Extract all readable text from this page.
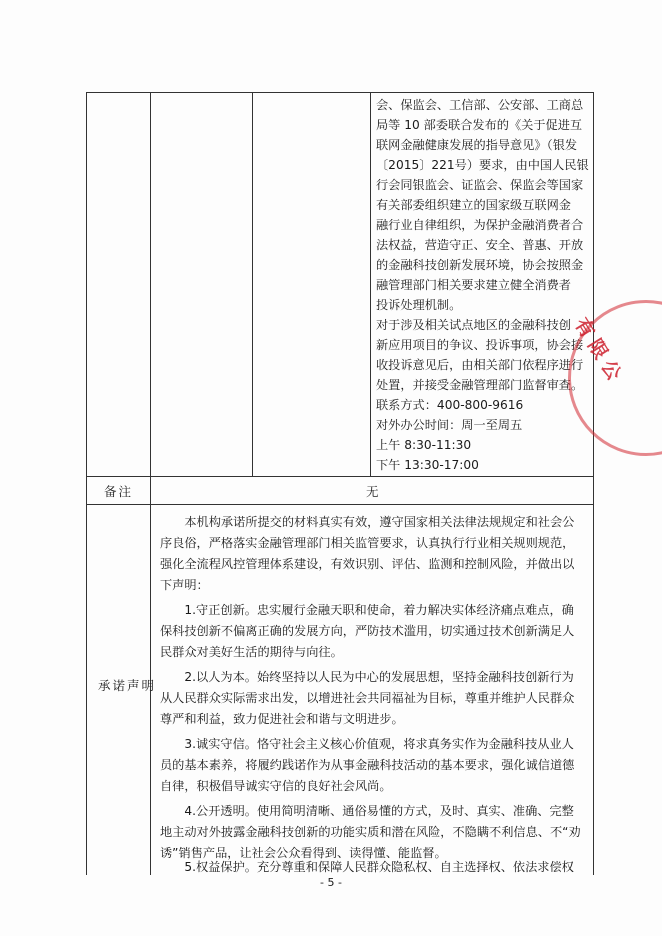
会、保监会、工信部、公安部、工商总
局等 10 部委联合发布的《关于促进互
联网金融健康发展的指导意见》（银发
〔2015〕221号）要求，由中国人民银
行会同银监会、证监会、保监会等国家
有关部委组织建立的国家级互联网金
融行业自律组织，为保护金融消费者合
法权益，营造守正、安全、普惠、开放
的金融科技创新发展环境，协会按照金
融管理部门相关要求建立健全消费者
投诉处理机制。
对于涉及相关试点地区的金融科技创
新应用项目的争议、投诉事项，协会接
收投诉意见后，由相关部门依程序进行
处置，并接受金融管理部门监督审查。
联系方式：400-800-9616
对外办公时间：周一至周五
上午 8:30-11:30
下午 13:30-17:00
备注	无
承诺声明
　　本机构承诺所提交的材料真实有效，遵守国家相关法律法规规定和社会公
序良俗，严格落实金融管理部门相关监管要求，认真执行行业相关规则规范，
强化全流程风控管理体系建设，有效识别、评估、监测和控制风险，并做出以
下声明：
　　1.守正创新。忠实履行金融天职和使命，着力解决实体经济痛点难点，确
保科技创新不偏离正确的发展方向，严防技术滥用，切实通过技术创新满足人
民群众对美好生活的期待与向往。
　　2.以人为本。始终坚持以人民为中心的发展思想，坚持金融科技创新行为
从人民群众实际需求出发，以增进社会共同福祉为目标，尊重并维护人民群众
尊严和利益，致力促进社会和谐与文明进步。
　　3.诚实守信。恪守社会主义核心价值观，将求真务实作为金融科技从业人
员的基本素养，将履约践诺作为从事金融科技活动的基本要求，强化诚信道德
自律，积极倡导诚实守信的良好社会风尚。
　　4.公开透明。使用简明清晰、通俗易懂的方式，及时、真实、准确、完整
地主动对外披露金融科技创新的功能实质和潜在风险，不隐瞒不利信息、不“劝
诱”销售产品，让社会公众看得到、读得懂、能监督。
　　5.权益保护。充分尊重和保障人民群众隐私权、自主选择权、依法求偿权
有限公
- 5 -
